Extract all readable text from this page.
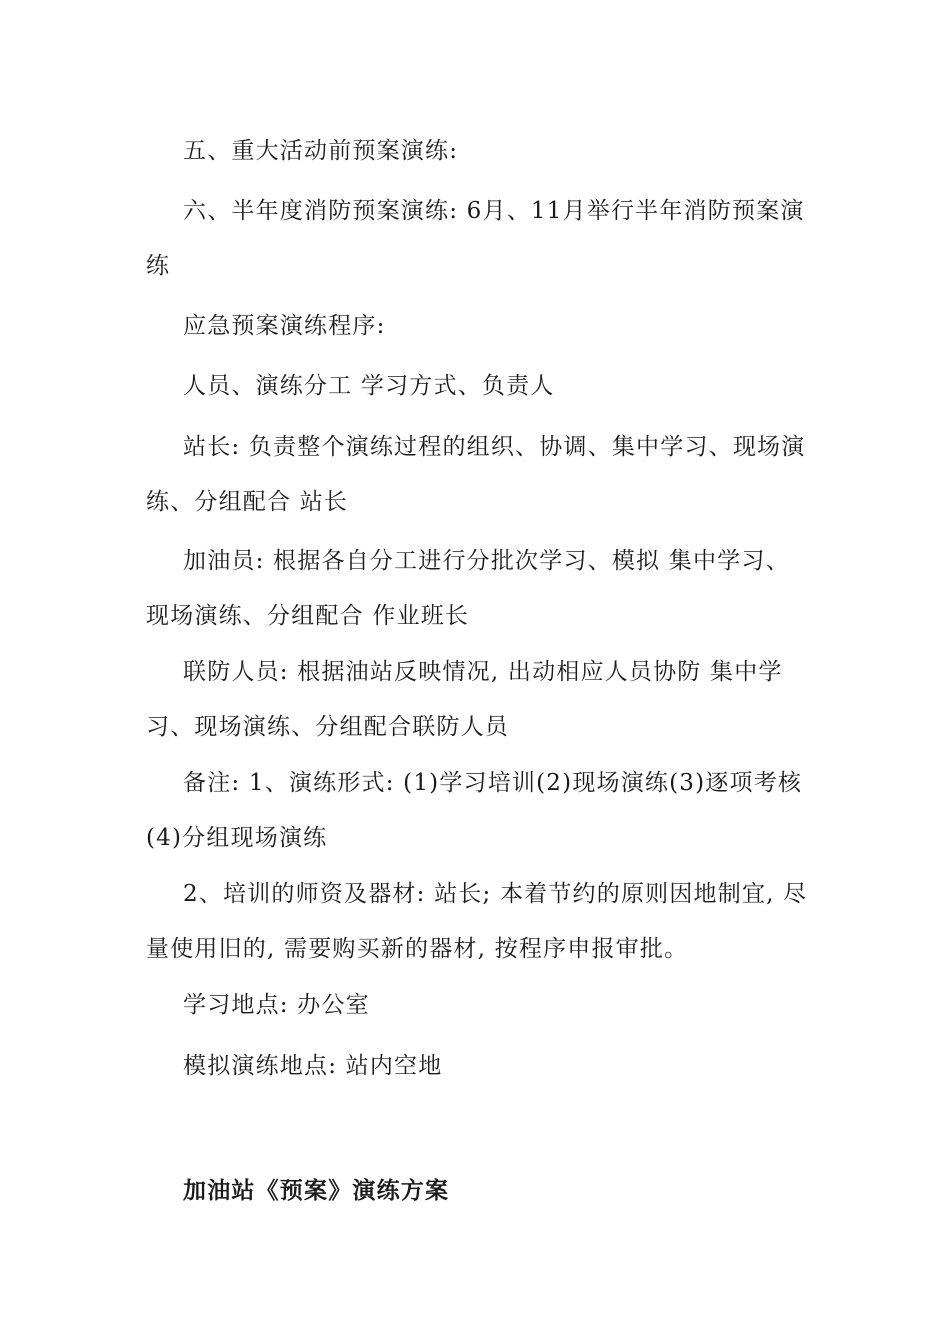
五、重大活动前预案演练:

六、半年度消防预案演练: 6月、11月举行半年消防预案演练

应急预案演练程序:

人员、演练分工 学习方式、负责人

站长: 负责整个演练过程的组织、协调、集中学习、现场演练、分组配合 站长

加油员: 根据各自分工进行分批次学习、模拟 集中学习、现场演练、分组配合 作业班长

联防人员: 根据油站反映情况, 出动相应人员协防 集中学习、现场演练、分组配合联防人员

备注: 1、演练形式: (1)学习培训(2)现场演练(3)逐项考核(4)分组现场演练

2、培训的师资及器材: 站长; 本着节约的原则因地制宜, 尽量使用旧的, 需要购买新的器材, 按程序申报审批。

学习地点: 办公室

模拟演练地点: 站内空地

加油站《预案》演练方案
